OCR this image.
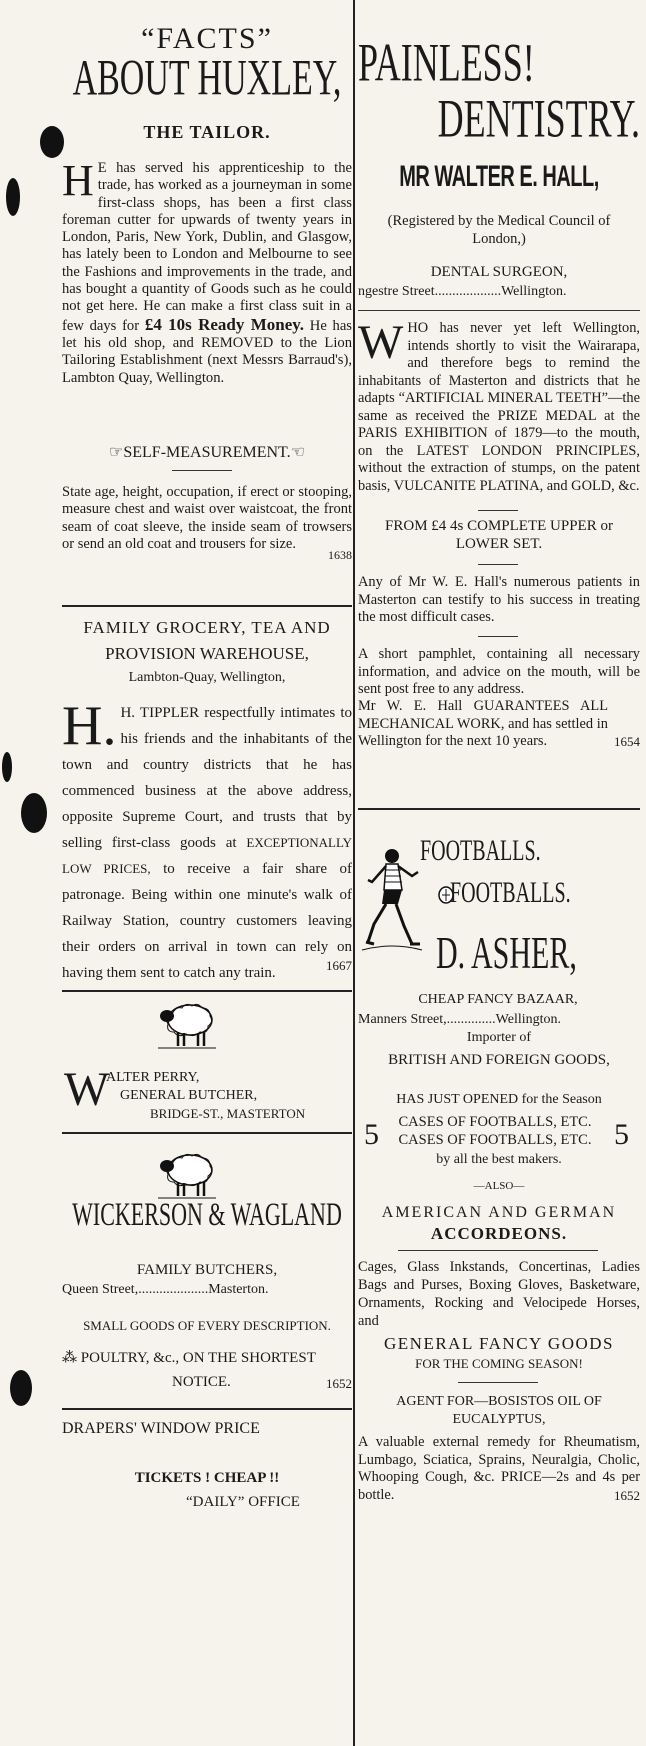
“FACTS”
ABOUT HUXLEY,
THE TAILOR.
H E has served his apprenticeship to the trade, has worked as a journeyman in some first-class shops, has been a first class foreman cutter for upwards of twenty years in London, Paris, New York, Dublin, and Glasgow, has lately been to London and Melbourne to see the Fashions and improvements in the trade, and has bought a quantity of Goods such as he could not get here. He can make a first class suit in a few days for £4 10s Ready Money. He has let his old shop, and REMOVED to the Lion Tailoring Establishment (next Messrs Barraud's), Lambton Quay, Wellington.
☞SELF-MEASUREMENT.☜
State age, height, occupation, if erect or stooping, measure chest and waist over waistcoat, the front seam of coat sleeve, the inside seam of trowsers or send an old coat and trousers for size.
1638
FAMILY GROCERY, TEA AND
PROVISION WAREHOUSE,
Lambton-Quay, Wellington,
H. H. TIPPLER respectfully intimates to his friends and the inhabitants of the town and country districts that he has commenced business at the above address, opposite Supreme Court, and trusts that by selling first-class goods at EXCEPTIONALLY LOW PRICES, to receive a fair share of patronage. Being within one minute's walk of Railway Station, country customers leaving their orders on arrival in town can rely on having them sent to catch any train.	1667
W
ALTER PERRY,
GENERAL BUTCHER,
BRIDGE-ST., MASTERTON
WICKERSON & WAGLAND
FAMILY BUTCHERS,
Queen Street,....................Masterton.
SMALL GOODS OF EVERY DESCRIPTION.
⁂ POULTRY, &c., ON THE SHORTEST
NOTICE.	1652
DRAPERS' WINDOW PRICE
TICKETS ! CHEAP !!
“DAILY” OFFICE
PAINLESS!
DENTISTRY.
MR WALTER E. HALL,
(Registered by the Medical Council of London,)
DENTAL SURGEON,
ngestre Street...................Wellington.
WHO has never yet left Wellington, intends shortly to visit the Wairarapa, and therefore begs to remind the inhabitants of Masterton and districts that he adapts “ARTIFICIAL MINERAL TEETH”—the same as received the PRIZE MEDAL at the PARIS EXHIBITION of 1879—to the mouth, on the LATEST LONDON PRINCIPLES, without the extraction of stumps, on the patent basis, VULCANITE PLATINA, and GOLD, &c.
FROM £4 4s COMPLETE UPPER or
LOWER SET.
Any of Mr W. E. Hall's numerous patients in Masterton can testify to his success in treating the most difficult cases.
A short pamphlet, containing all necessary information, and advice on the mouth, will be sent post free to any address.
Mr W. E. Hall GUARANTEES ALL MECHANICAL WORK, and has settled in Wellington for the next 10 years.	1654
FOOTBALLS.
FOOTBALLS.
D. ASHER,
CHEAP FANCY BAZAAR,
Manners Street,..............Wellington.
Importer of
BRITISH AND FOREIGN GOODS,
HAS JUST OPENED for the Season
5	CASES OF FOOTBALLS, ETC.
CASES OF FOOTBALLS, ETC. 5
by all the best makers.
—ALSO—
AMERICAN AND GERMAN
ACCORDEONS.
Cages, Glass Inkstands, Concertinas, Ladies Bags and Purses, Boxing Gloves, Basketware, Ornaments, Rocking and Velocipede Horses, and
GENERAL FANCY GOODS
FOR THE COMING SEASON!
AGENT FOR—BOSISTOS OIL OF
EUCALYPTUS,
A valuable external remedy for Rheumatism, Lumbago, Sciatica, Sprains, Neuralgia, Cholic, Whooping Cough, &c. PRICE—2s and 4s per bottle.	1652
